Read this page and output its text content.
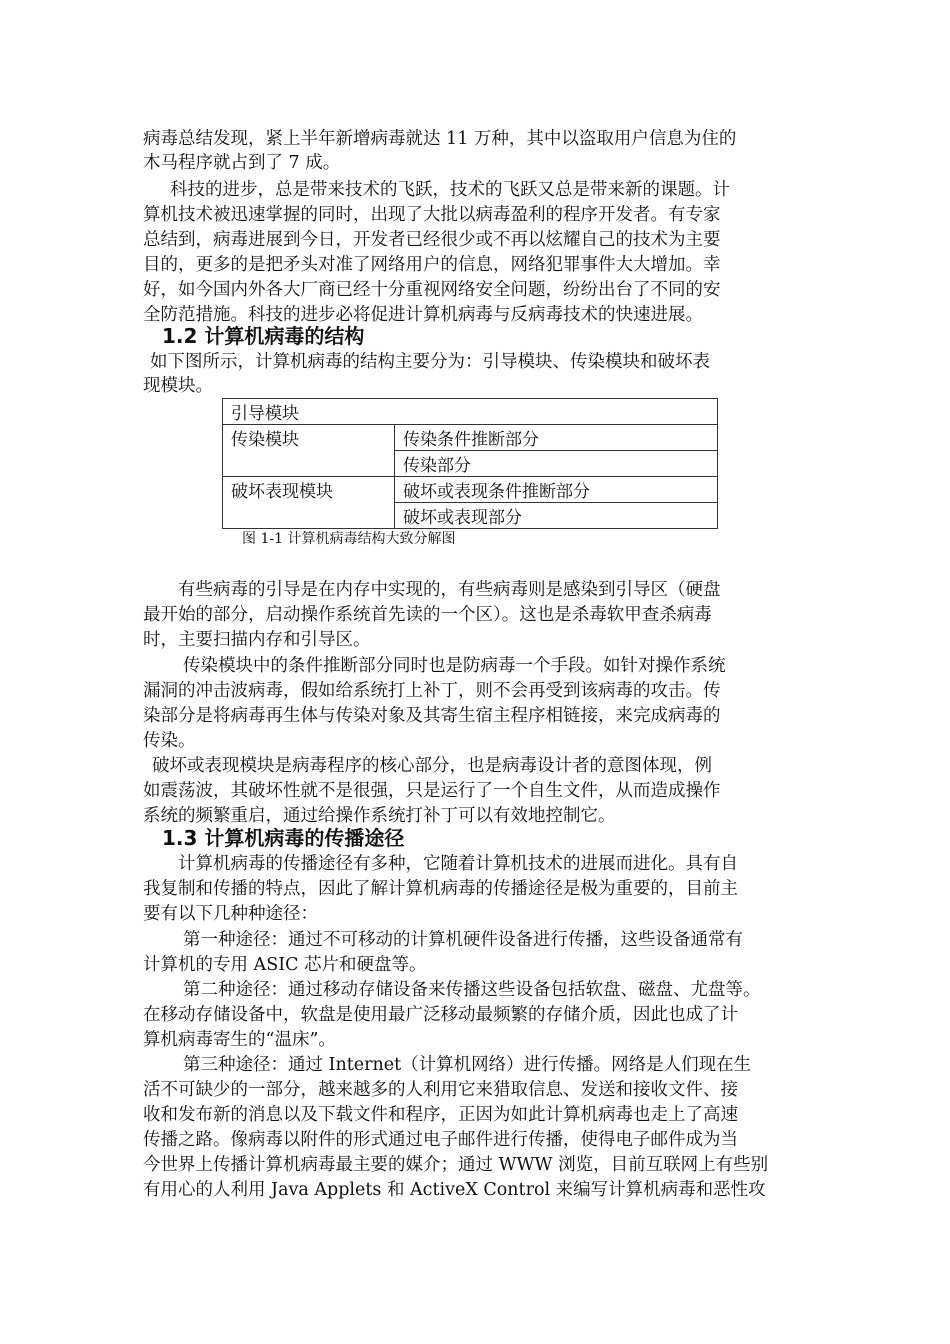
病毒总结发现，紧上半年新增病毒就达 11 万种，其中以盗取用户信息为住的
木马程序就占到了 7 成。
科技的进步，总是带来技术的飞跃，技术的飞跃又总是带来新的课题。计
算机技术被迅速掌握的同时，出现了大批以病毒盈利的程序开发者。有专家
总结到，病毒进展到今日，开发者已经很少或不再以炫耀自己的技术为主要
目的，更多的是把矛头对准了网络用户的信息，网络犯罪事件大大增加。幸
好，如今国内外各大厂商已经十分重视网络安全问题，纷纷出台了不同的安
全防范措施。科技的进步必将促进计算机病毒与反病毒技术的快速进展。
1.2 计算机病毒的结构
如下图所示，计算机病毒的结构主要分为：引导模块、传染模块和破坏表
现模块。
引导模块	
传染模块	传染条件推断部分
	传染部分
破坏表现模块	破坏或表现条件推断部分
	破坏或表现部分
图 1-1 计算机病毒结构大致分解图
有些病毒的引导是在内存中实现的，有些病毒则是感染到引导区（硬盘
最开始的部分，启动操作系统首先读的一个区）。这也是杀毒软甲查杀病毒
时，主要扫描内存和引导区。
传染模块中的条件推断部分同时也是防病毒一个手段。如针对操作系统
漏洞的冲击波病毒，假如给系统打上补丁，则不会再受到该病毒的攻击。传
染部分是将病毒再生体与传染对象及其寄生宿主程序相链接，来完成病毒的
传染。
破坏或表现模块是病毒程序的核心部分，也是病毒设计者的意图体现，例
如震荡波，其破坏性就不是很强，只是运行了一个自生文件，从而造成操作
系统的频繁重启，通过给操作系统打补丁可以有效地控制它。
1.3 计算机病毒的传播途径
计算机病毒的传播途径有多种，它随着计算机技术的进展而进化。具有自
我复制和传播的特点，因此了解计算机病毒的传播途径是极为重要的，目前主
要有以下几种种途径：
第一种途径：通过不可移动的计算机硬件设备进行传播，这些设备通常有
计算机的专用 ASIC 芯片和硬盘等。
第二种途径：通过移动存储设备来传播这些设备包括软盘、磁盘、尤盘等。
在移动存储设备中，软盘是使用最广泛移动最频繁的存储介质，因此也成了计
算机病毒寄生的“温床”。
第三种途径：通过 Internet（计算机网络）进行传播。网络是人们现在生
活不可缺少的一部分，越来越多的人利用它来猎取信息、发送和接收文件、接
收和发布新的消息以及下载文件和程序，正因为如此计算机病毒也走上了高速
传播之路。像病毒以附件的形式通过电子邮件进行传播，使得电子邮件成为当
今世界上传播计算机病毒最主要的媒介；通过 WWW 浏览，目前互联网上有些别
有用心的人利用 Java Applets 和 ActiveX Control 来编写计算机病毒和恶性攻
